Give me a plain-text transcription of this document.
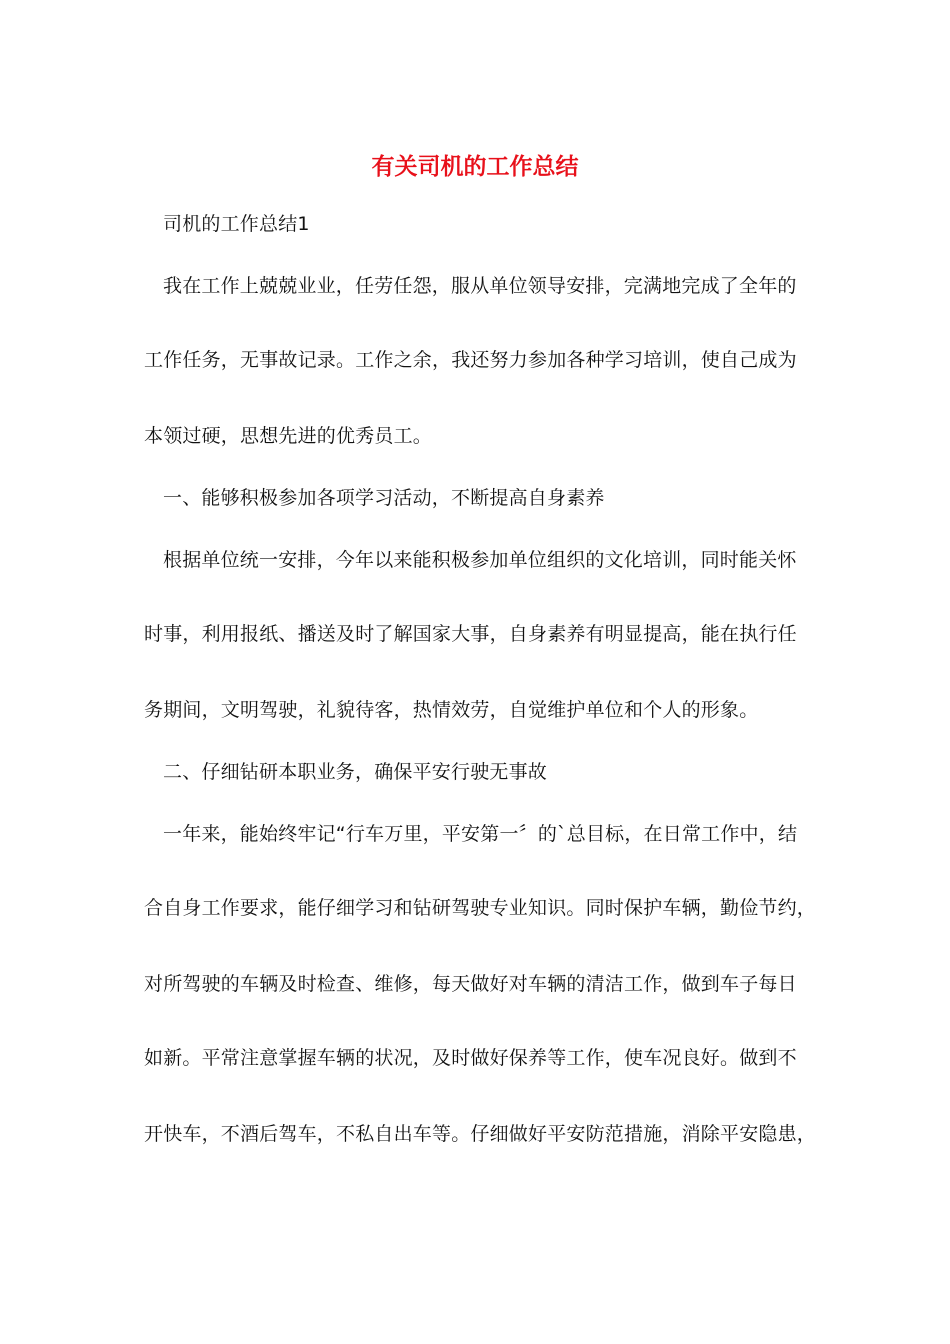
有关司机的工作总结
司机的工作总结1
我在工作上兢兢业业，任劳任怨，服从单位领导安排，完满地完成了全年的
工作任务，无事故记录。工作之余，我还努力参加各种学习培训，使自己成为
本领过硬，思想先进的优秀员工。
一、能够积极参加各项学习活动，不断提高自身素养
根据单位统一安排，今年以来能积极参加单位组织的文化培训，同时能关怀
时事，利用报纸、播送及时了解国家大事，自身素养有明显提高，能在执行任
务期间，文明驾驶，礼貌待客，热情效劳，自觉维护单位和个人的形象。
二、仔细钻研本职业务，确保平安行驶无事故
一年来，能始终牢记“行车万里，平安第一〞的`总目标，在日常工作中，结
合自身工作要求，能仔细学习和钻研驾驶专业知识。同时保护车辆，勤俭节约，
对所驾驶的车辆及时检查、维修，每天做好对车辆的清洁工作，做到车子每日
如新。平常注意掌握车辆的状况，及时做好保养等工作，使车况良好。做到不
开快车，不酒后驾车，不私自出车等。仔细做好平安防范措施，消除平安隐患，
